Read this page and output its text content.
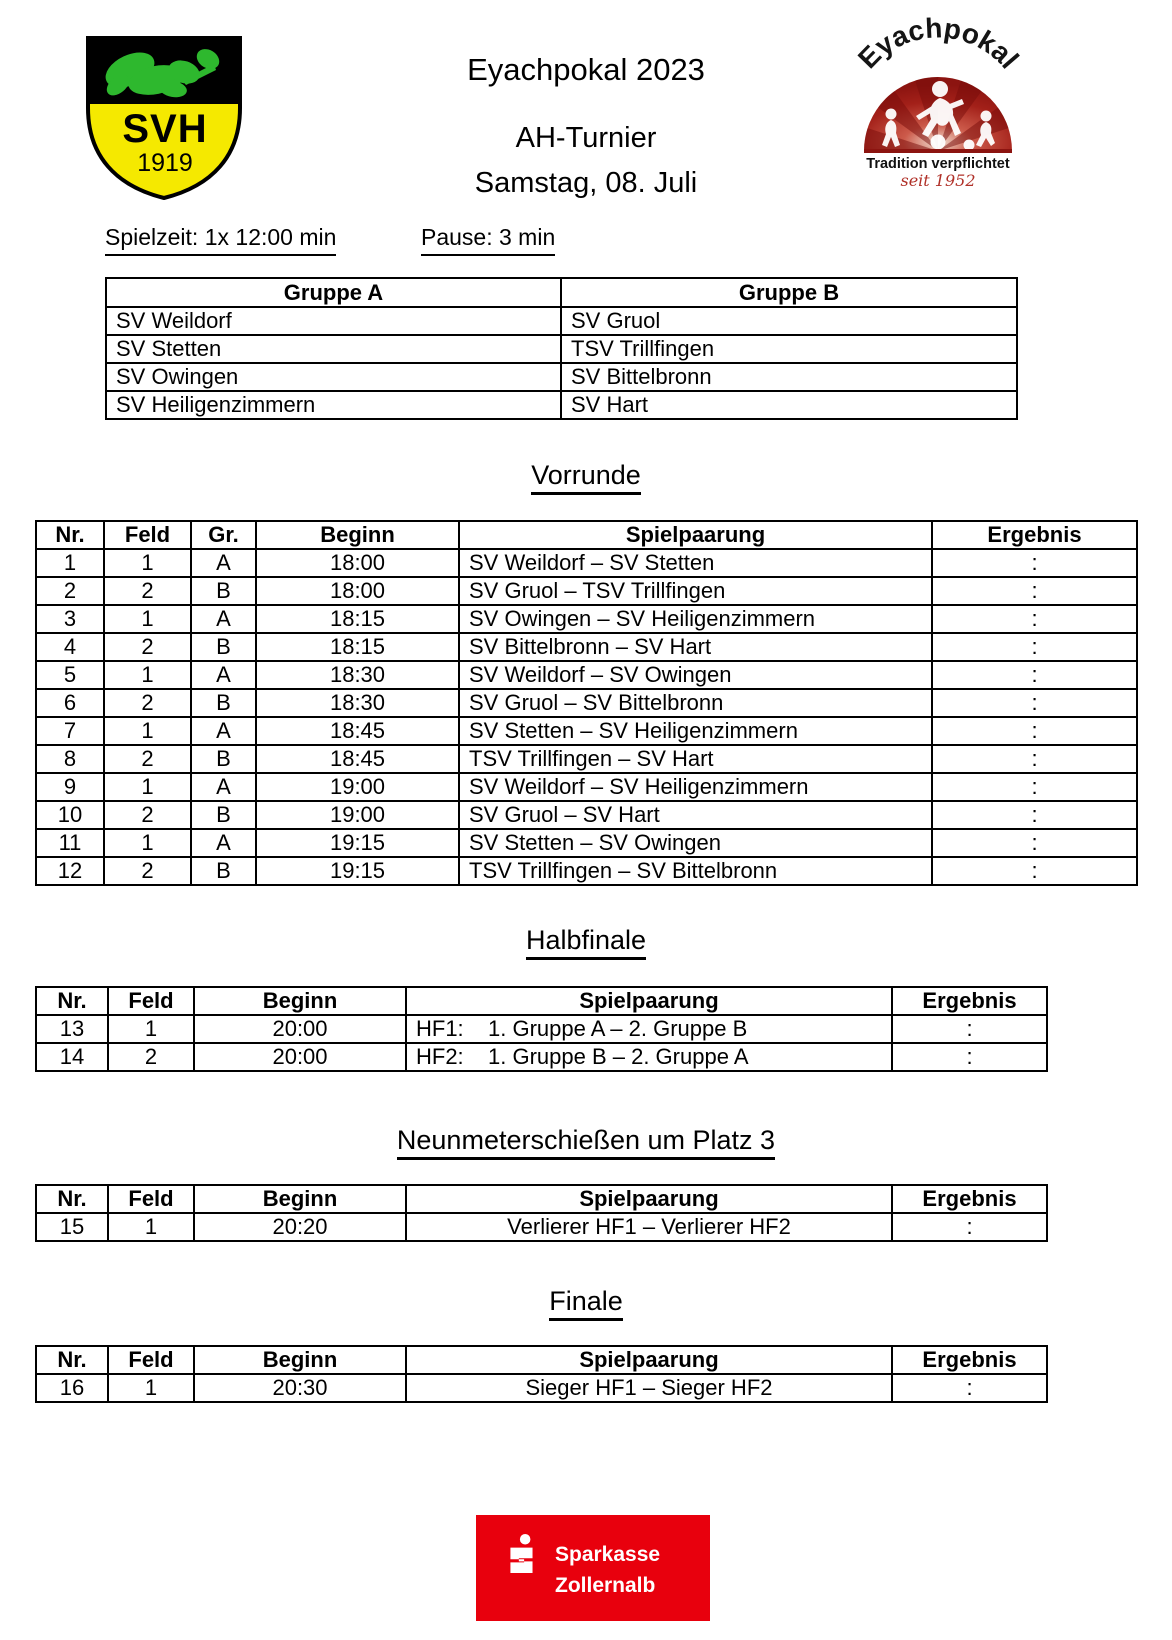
SVH
1919
Eyachpokal 2023
AH-Turnier
Samstag, 08. Juli
Eyachpokal
Tradition verpflichtet
seit 1952
Spielzeit: 1x 12:00 min	Pause: 3 min
Gruppe A	Gruppe B
SV Weildorf	SV Gruol
SV Stetten	TSV Trillfingen
SV Owingen	SV Bittelbronn
SV Heiligenzimmern	SV Hart
Vorrunde
Nr.	Feld	Gr.	Beginn	Spielpaarung	Ergebnis
1	1	A	18:00	SV Weildorf – SV Stetten	:
2	2	B	18:00	SV Gruol – TSV Trillfingen	:
3	1	A	18:15	SV Owingen – SV Heiligenzimmern	:
4	2	B	18:15	SV Bittelbronn – SV Hart	:
5	1	A	18:30	SV Weildorf – SV Owingen	:
6	2	B	18:30	SV Gruol – SV Bittelbronn	:
7	1	A	18:45	SV Stetten – SV Heiligenzimmern	:
8	2	B	18:45	TSV Trillfingen – SV Hart	:
9	1	A	19:00	SV Weildorf – SV Heiligenzimmern	:
10	2	B	19:00	SV Gruol – SV Hart	:
11	1	A	19:15	SV Stetten – SV Owingen	:
12	2	B	19:15	TSV Trillfingen – SV Bittelbronn	:
Halbfinale
Nr.	Feld	Beginn	Spielpaarung	Ergebnis
13	1	20:00	HF1: 1. Gruppe A – 2. Gruppe B	:
14	2	20:00	HF2: 1. Gruppe B – 2. Gruppe A	:
Neunmeterschießen um Platz 3
Nr.	Feld	Beginn	Spielpaarung	Ergebnis
15	1	20:20	Verlierer HF1 – Verlierer HF2	:
Finale
Nr.	Feld	Beginn	Spielpaarung	Ergebnis
16	1	20:30	Sieger HF1 – Sieger HF2	:
Sparkasse
Zollernalb
